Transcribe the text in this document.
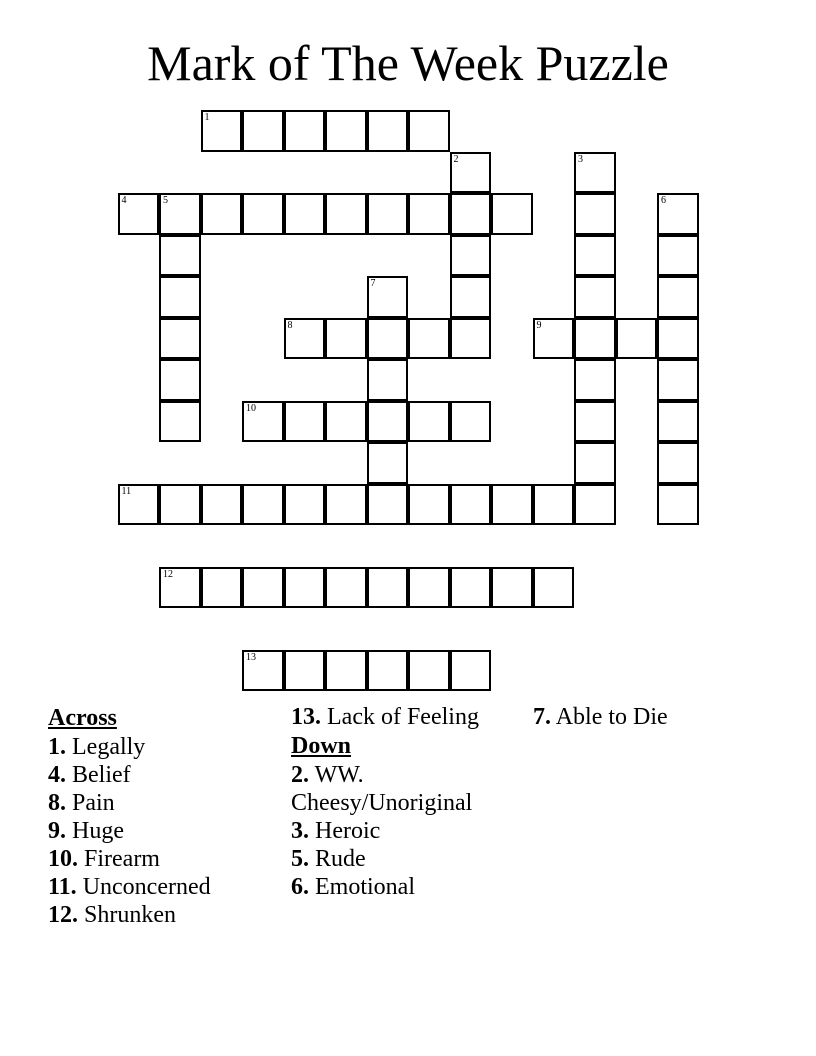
Mark of The Week Puzzle
1
2	3
4	5	6
7
8	9
10
11
12
13
Across

1. Legally

4. Belief

8. Pain

9. Huge

10. Firearm

11. Unconcerned

12. Shrunken

13. Lack of Feeling

Down

2. WW. Cheesy/Unoriginal

3. Heroic

5. Rude

6. Emotional

7. Able to Die
